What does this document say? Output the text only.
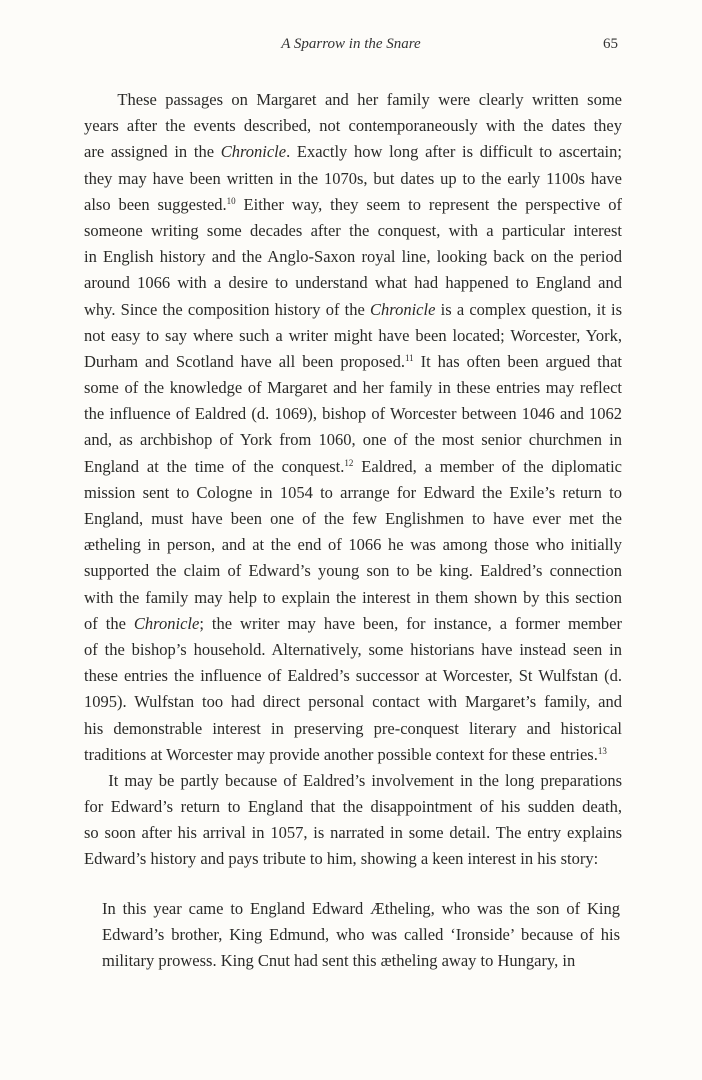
A Sparrow in the Snare	65
These passages on Margaret and her family were clearly written some
years after the events described, not contemporaneously with the dates they
are assigned in the Chronicle. Exactly how long after is difficult to ascertain;
they may have been written in the 1070s, but dates up to the early 1100s have
also been suggested.$^{10}$ Either way, they seem to represent the perspective of
someone writing some decades after the conquest, with a particular interest
in English history and the Anglo-Saxon royal line, looking back on the period
around 1066 with a desire to understand what had happened to England and
why. Since the composition history of the Chronicle is a complex question, it is
not easy to say where such a writer might have been located; Worcester, York,
Durham and Scotland have all been proposed.$^{11}$ It has often been argued that
some of the knowledge of Margaret and her family in these entries may reflect
the influence of Ealdred (d. 1069), bishop of Worcester between 1046 and 1062
and, as archbishop of York from 1060, one of the most senior churchmen in
England at the time of the conquest.$^{12}$ Ealdred, a member of the diplomatic
mission sent to Cologne in 1054 to arrange for Edward the Exile’s return to
England, must have been one of the few Englishmen to have ever met the
ætheling in person, and at the end of 1066 he was among those who initially
supported the claim of Edward’s young son to be king. Ealdred’s connection
with the family may help to explain the interest in them shown by this section
of the Chronicle; the writer may have been, for instance, a former member
of the bishop’s household. Alternatively, some historians have instead seen in
these entries the influence of Ealdred’s successor at Worcester, St Wulfstan (d.
1095). Wulfstan too had direct personal contact with Margaret’s family, and
his demonstrable interest in preserving pre-conquest literary and historical
traditions at Worcester may provide another possible context for these entries.$^{13}$
It may be partly because of Ealdred’s involvement in the long preparations
for Edward’s return to England that the disappointment of his sudden death,
so soon after his arrival in 1057, is narrated in some detail. The entry explains
Edward’s history and pays tribute to him, showing a keen interest in his story:
In this year came to England Edward Ætheling, who was the son of King
Edward’s brother, King Edmund, who was called ‘Ironside’ because of his
military prowess. King Cnut had sent this ætheling away to Hungary, in
